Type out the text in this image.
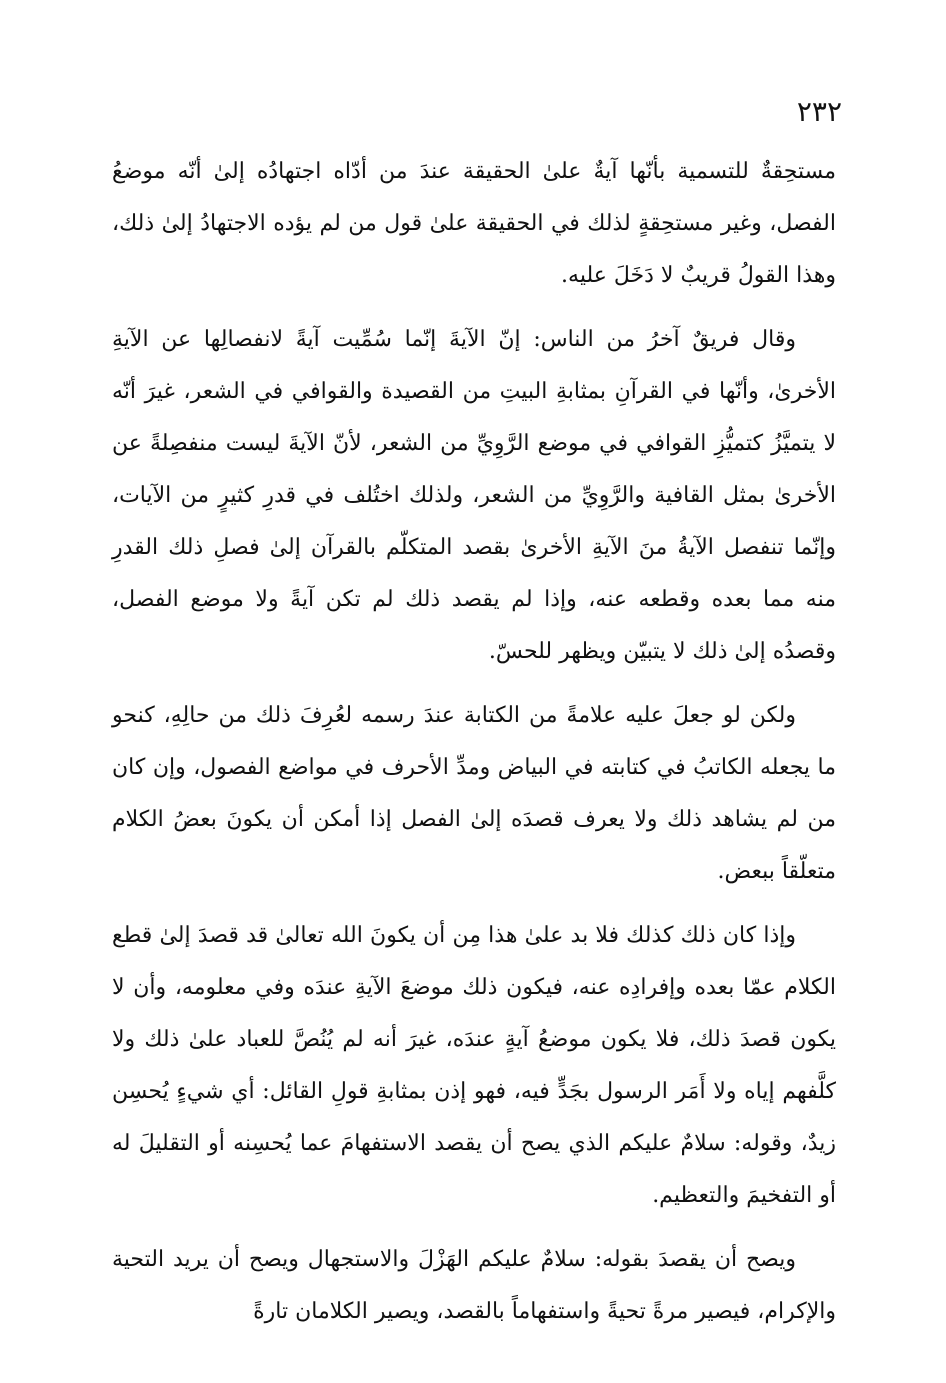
٢٣٢

مستحِقةٌ للتسمية بأنّها آيةٌ علىٰ الحقيقة عندَ من أدّاه اجتهادُه إلىٰ أنّه موضعُ الفصل، وغير مستحِقةٍ لذلك في الحقيقة علىٰ قول من لم يؤده الاجتهادُ إلىٰ ذلك، وهذا القولُ قريبٌ لا دَخَلَ عليه.

وقال فريقٌ آخرُ من الناس: إنّ الآيةَ إنّما سُمِّيت آيةً لانفصالِها عن الآيةِ الأخرىٰ، وأنّها في القرآنِ بمثابةِ البيتِ من القصيدة والقوافي في الشعر، غيرَ أنّه لا يتميَّزُ كتميُّزِ القوافي في موضع الرَّوِيِّ من الشعر، لأنّ الآيةَ ليست منفصِلةً عن الأخرىٰ بمثل القافية والرَّوِيِّ من الشعر، ولذلك اختُلف في قدرِ كثيرٍ من الآيات، وإنّما تنفصل الآيةُ منَ الآيةِ الأخرىٰ بقصد المتكلّم بالقرآن إلىٰ فصلِ ذلك القدرِ منه مما بعده وقطعه عنه، وإذا لم يقصد ذلك لم تكن آيةً ولا موضع الفصل، وقصدُه إلىٰ ذلك لا يتبيّن ويظهر للحسّ.

ولكن لو جعلَ عليه علامةً من الكتابة عندَ رسمه لعُرِفَ ذلك من حالِهِ، كنحو ما يجعله الكاتبُ في كتابته في البياض ومدِّ الأحرف في مواضع الفصول، وإن كان من لم يشاهد ذلك ولا يعرف قصدَه إلىٰ الفصل إذا أمكن أن يكونَ بعضُ الكلام متعلّقاً ببعض.

وإذا كان ذلك كذلك فلا بد علىٰ هذا مِن أن يكونَ الله تعالىٰ قد قصدَ إلىٰ قطع الكلام عمّا بعده وإفرادِه عنه، فيكون ذلك موضعَ الآيةِ عندَه وفي معلومه، وأن لا يكون قصدَ ذلك، فلا يكون موضعُ آيةٍ عندَه، غيرَ أنه لم يُنُصَّ للعباد علىٰ ذلك ولا كلَّفهم إياه ولا أَمَر الرسول بجَدٍّ فيه، فهو إذن بمثابةِ قولِ القائل: أي شيءٍ يُحسِن زيدٌ، وقوله: سلامٌ عليكم الذي يصح أن يقصد الاستفهامَ عما يُحسِنه أو التقليلَ له أو التفخيمَ والتعظيم.

ويصح أن يقصدَ بقوله: سلامٌ عليكم الهَزْلَ والاستجهال ويصح أن يريد التحية والإكرام، فيصير مرةً تحيةً واستفهاماً بالقصد، ويصير الكلامان تارةً
